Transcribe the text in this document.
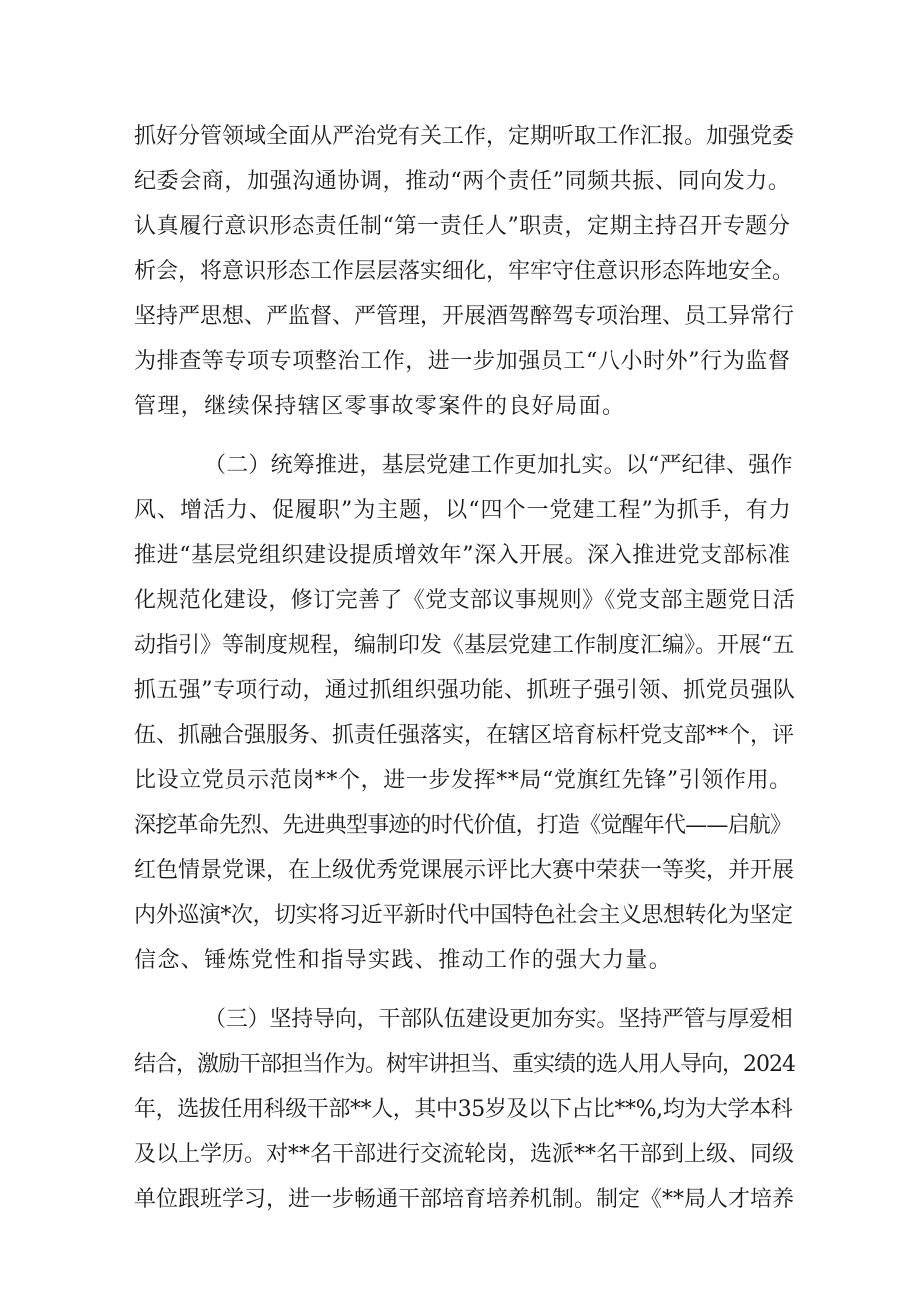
抓好分管领域全面从严治党有关工作，定期听取工作汇报。加强党委
纪委会商，加强沟通协调，推动“两个责任”同频共振、同向发力。
认真履行意识形态责任制“第一责任人”职责，定期主持召开专题分
析会，将意识形态工作层层落实细化，牢牢守住意识形态阵地安全。
坚持严思想、严监督、严管理，开展酒驾醉驾专项治理、员工异常行
为排查等专项专项整治工作，进一步加强员工“八小时外”行为监督
管理，继续保持辖区零事故零案件的良好局面。
（二）统筹推进，基层党建工作更加扎实。以“严纪律、强作
风、增活力、促履职”为主题，以“四个一党建工程”为抓手，有力
推进“基层党组织建设提质增效年”深入开展。深入推进党支部标准
化规范化建设，修订完善了《党支部议事规则》《党支部主题党日活
动指引》等制度规程，编制印发《基层党建工作制度汇编》。开展“五
抓五强”专项行动，通过抓组织强功能、抓班子强引领、抓党员强队
伍、抓融合强服务、抓责任强落实，在辖区培育标杆党支部**个，评
比设立党员示范岗**个，进一步发挥**局“党旗红先锋”引领作用。
深挖革命先烈、先进典型事迹的时代价值，打造《觉醒年代——启航》
红色情景党课，在上级优秀党课展示评比大赛中荣获一等奖，并开展
内外巡演*次，切实将习近平新时代中国特色社会主义思想转化为坚定
信念、锤炼党性和指导实践、推动工作的强大力量。
（三）坚持导向，干部队伍建设更加夯实。坚持严管与厚爱相
结合，激励干部担当作为。树牢讲担当、重实绩的选人用人导向，2024
年，选拔任用科级干部**人，其中35岁及以下占比**%,均为大学本科
及以上学历。对**名干部进行交流轮岗，选派**名干部到上级、同级
单位跟班学习，进一步畅通干部培育培养机制。制定《**局人才培养
